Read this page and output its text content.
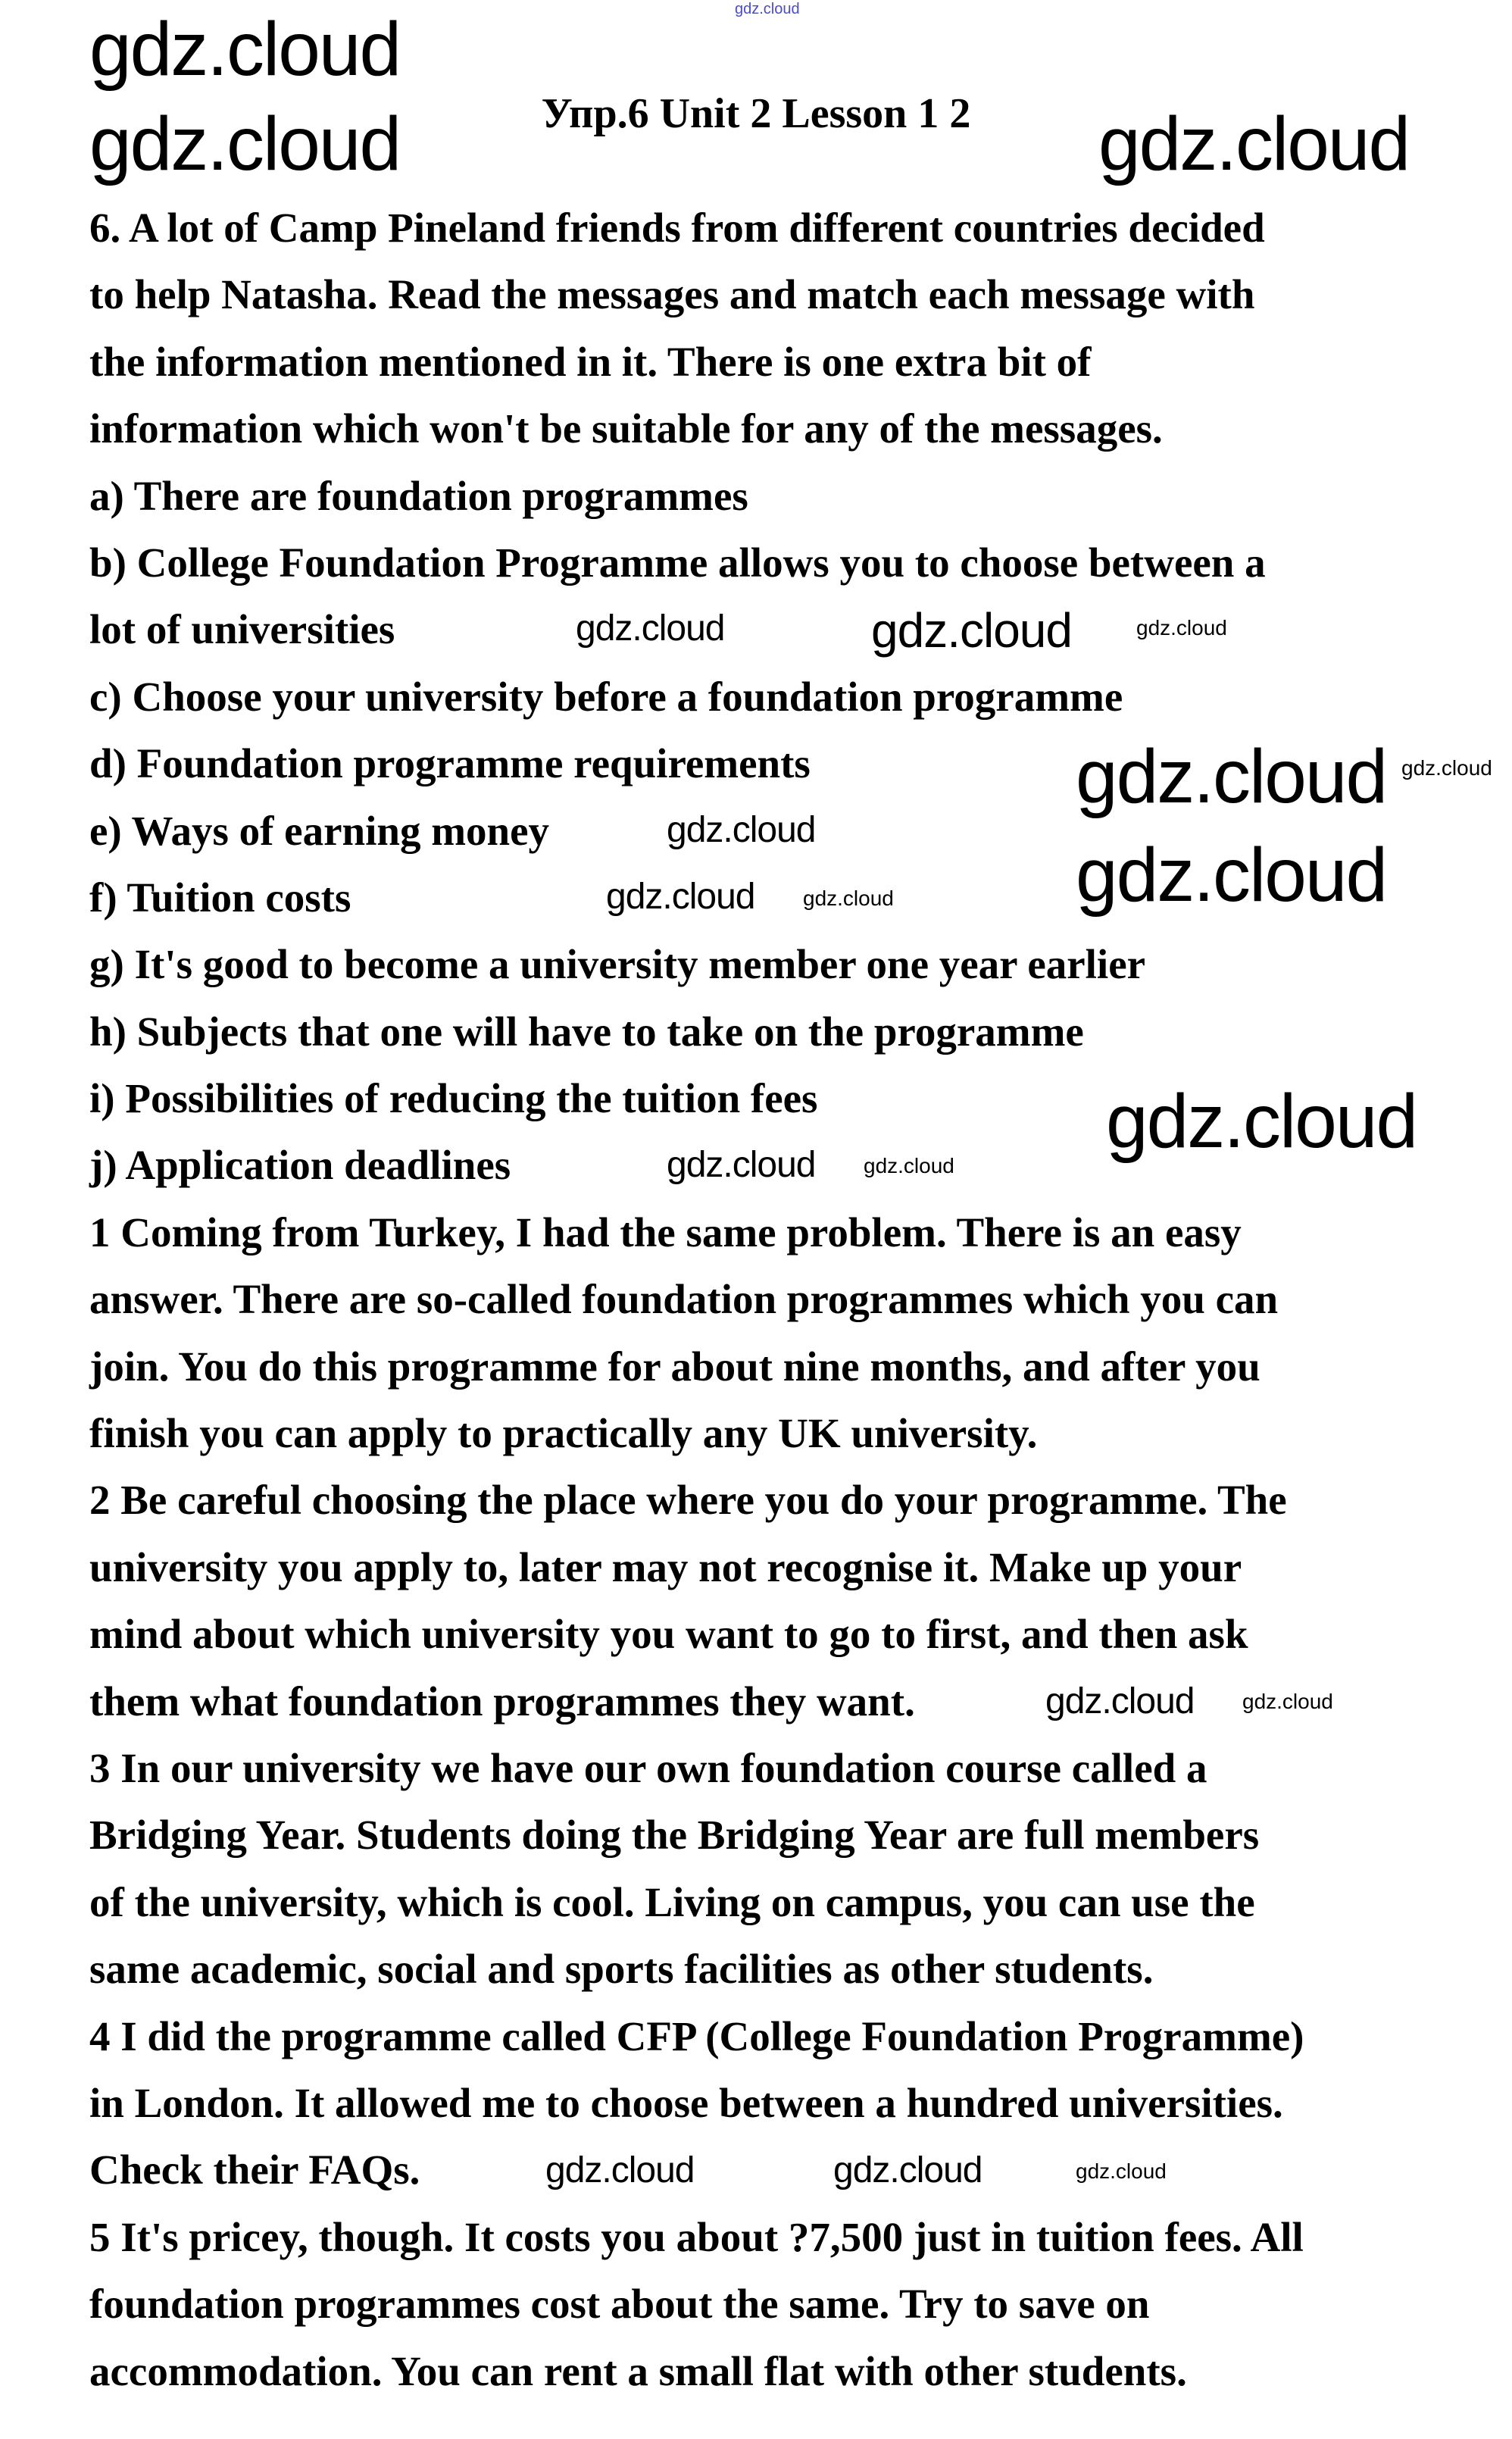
gdz.cloud
Упр.6 Unit 2 Lesson 1 2
6. A lot of Camp Pineland friends from different countries decided
to help Natasha. Read the messages and match each message with
the information mentioned in it. There is one extra bit of
information which won't be suitable for any of the messages.
a) There are foundation programmes
b) College Foundation Programme allows you to choose between a
lot of universities
c) Choose your university before a foundation programme
d) Foundation programme requirements
e) Ways of earning money
f) Tuition costs
g) It's good to become a university member one year earlier
h) Subjects that one will have to take on the programme
i) Possibilities of reducing the tuition fees
j) Application deadlines
1 Coming from Turkey, I had the same problem. There is an easy
answer. There are so-called foundation programmes which you can
join. You do this programme for about nine months, and after you
finish you can apply to practically any UK university.
2 Be careful choosing the place where you do your programme. The
university you apply to, later may not recognise it. Make up your
mind about which university you want to go to first, and then ask
them what foundation programmes they want.
3 In our university we have our own foundation course called a
Bridging Year. Students doing the Bridging Year are full members
of the university, which is cool. Living on campus, you can use the
same academic, social and sports facilities as other students.
4 I did the programme called CFP (College Foundation Programme)
in London. It allowed me to choose between a hundred universities.
Check their FAQs.
5 It's pricey, though. It costs you about ?7,500 just in tuition fees. All
foundation programmes cost about the same. Try to save on
accommodation. You can rent a small flat with other students.
gdz.cloud
gdz.cloud	gdz.cloud
gdz.cloud
gdz.cloud
gdz.cloud
gdz.cloud
gdz.cloud
gdz.cloud
gdz.cloud
gdz.cloud
gdz.cloud
gdz.cloud	gdz.cloud
gdz.cloud
gdz.cloud
gdz.cloud
gdz.cloud
gdz.cloud
gdz.cloud
